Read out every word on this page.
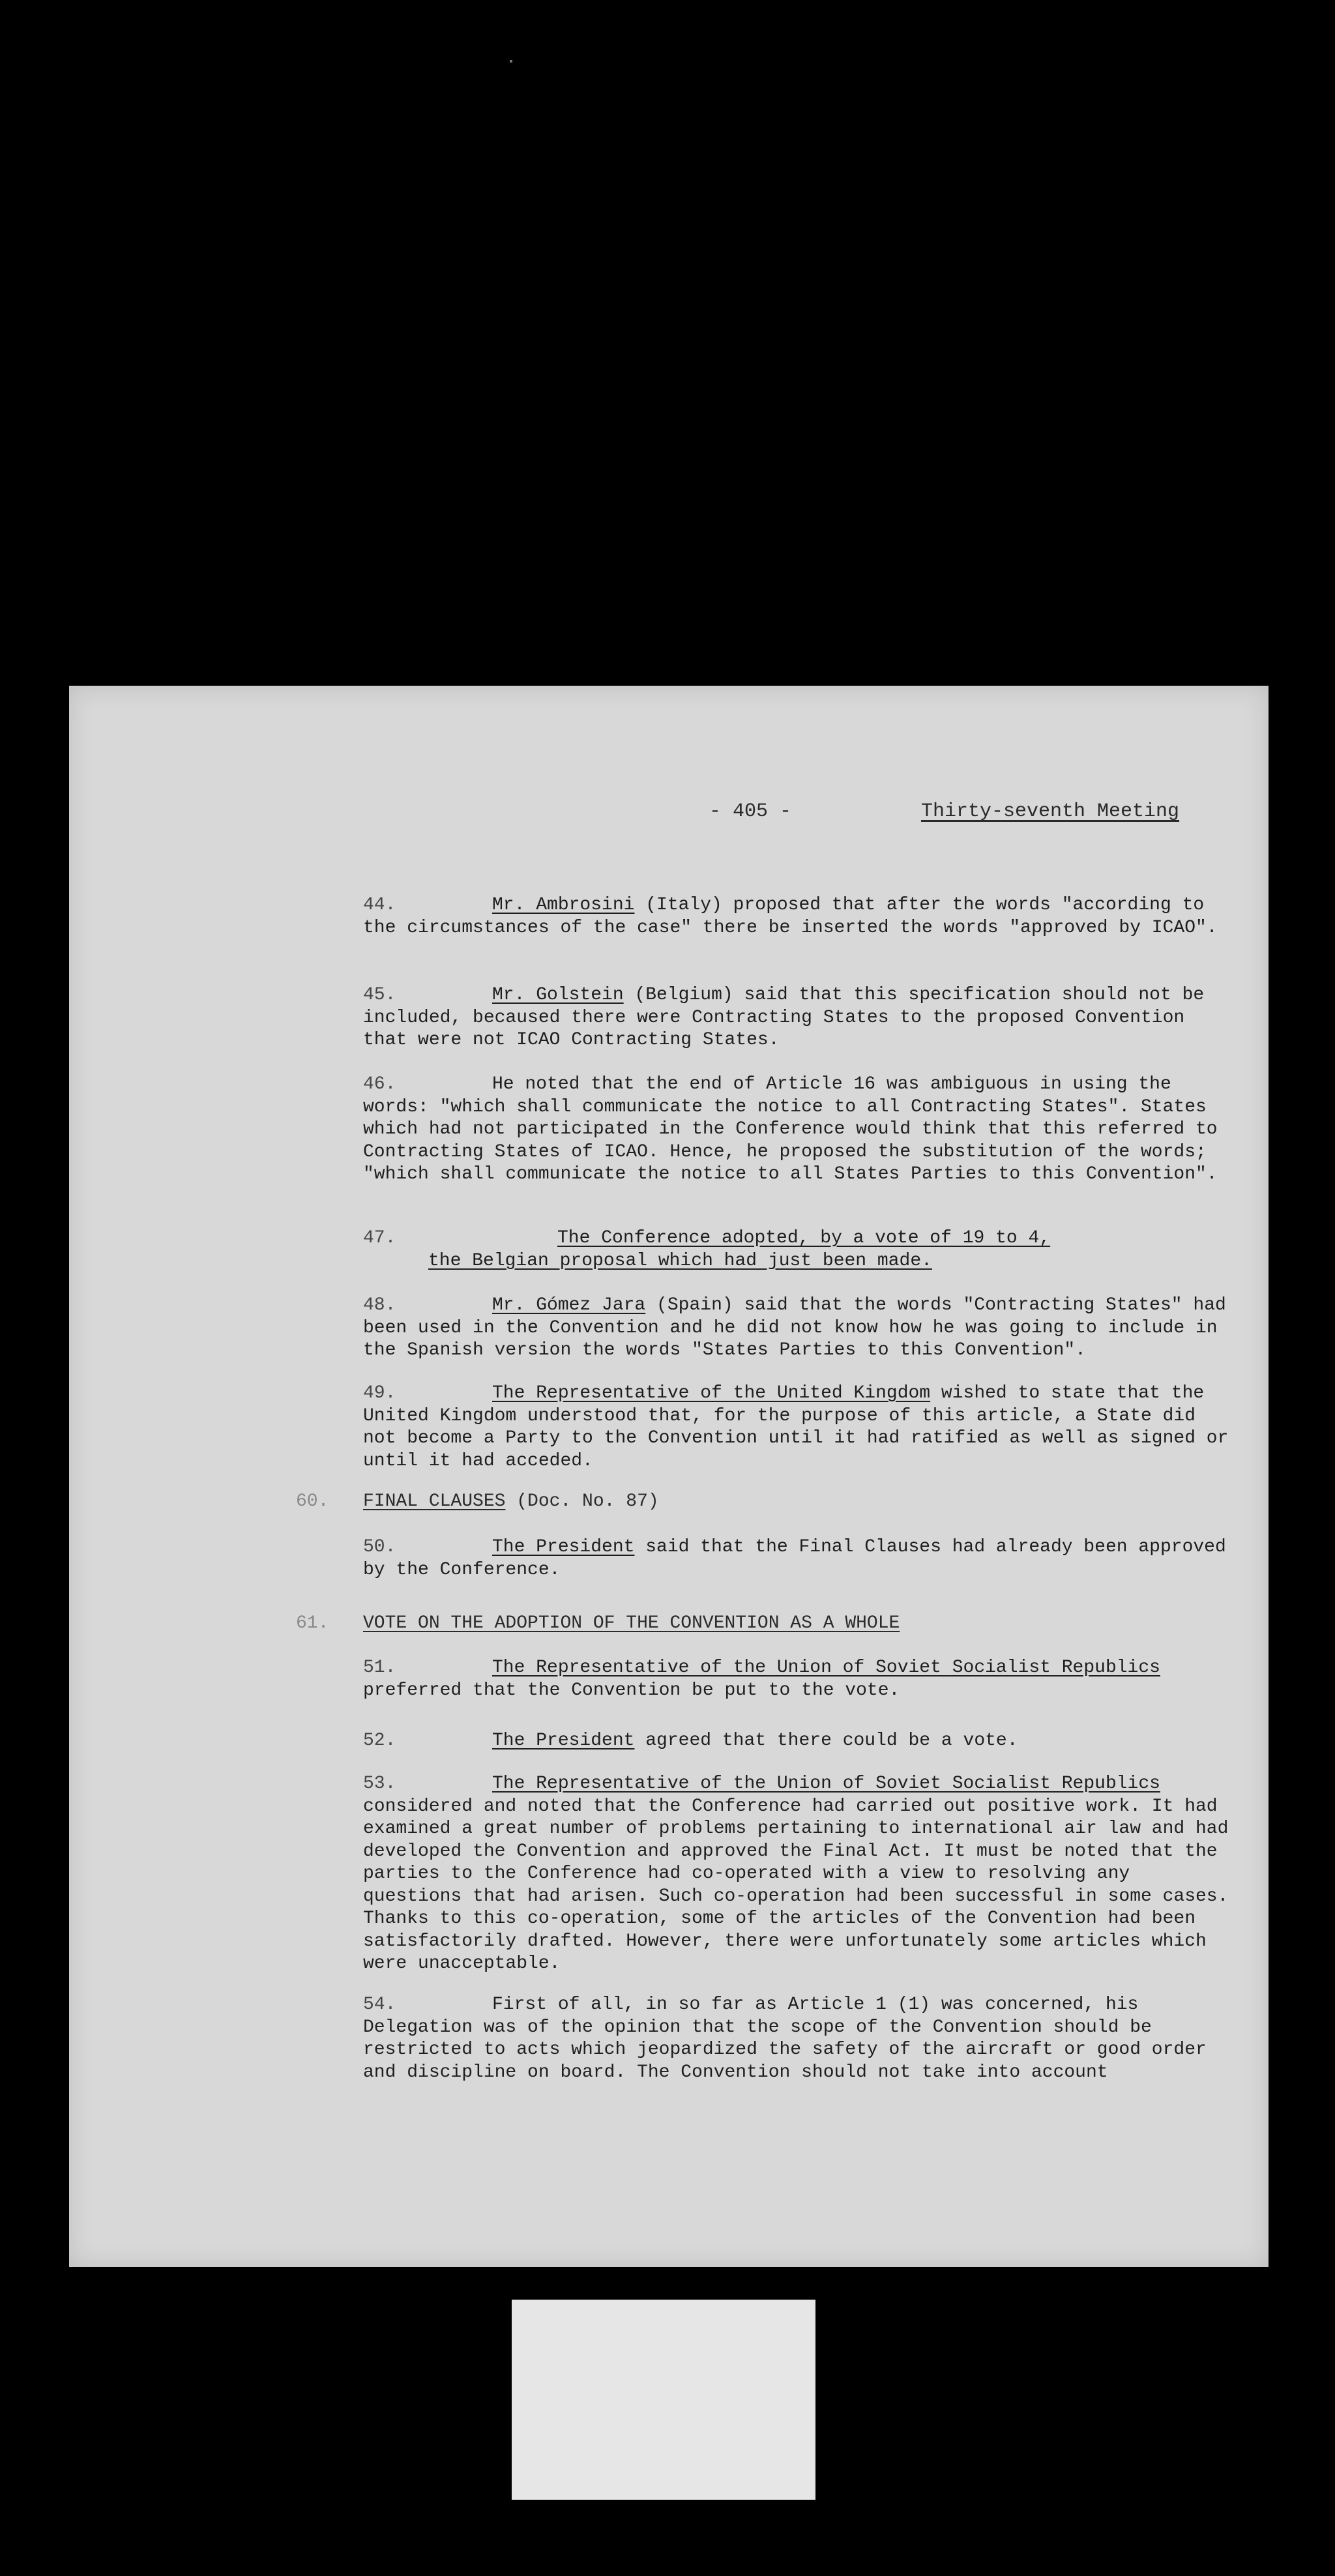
- 405 -	Thirty-seventh Meeting

44.	Mr. Ambrosini (Italy) proposed that after the words "according to the circumstances of the case" there be inserted the words "approved by ICAO".

45.	Mr. Golstein (Belgium) said that this specification should not be included, becaused there were Contracting States to the proposed Convention that were not ICAO Contracting States.

46.	He noted that the end of Article 16 was ambiguous in using the words: "which shall communicate the notice to all Contracting States". States which had not participated in the Conference would think that this referred to Contracting States of ICAO. Hence, he proposed the substitution of the words; "which shall communicate the notice to all States Parties to this Convention".

47.	The Conference adopted, by a vote of 19 to 4,
the Belgian proposal which had just been made.

48.	Mr. Gómez Jara (Spain) said that the words "Contracting States" had been used in the Convention and he did not know how he was going to include in the Spanish version the words "States Parties to this Convention".

49.	The Representative of the United Kingdom wished to state that the United Kingdom understood that, for the purpose of this article, a State did not become a Party to the Convention until it had ratified as well as signed or until it had acceded.

60. FINAL CLAUSES (Doc. No. 87)

50.	The President said that the Final Clauses had already been approved by the Conference.

61. VOTE ON THE ADOPTION OF THE CONVENTION AS A WHOLE

51.	The Representative of the Union of Soviet Socialist Republics preferred that the Convention be put to the vote.

52.	The President agreed that there could be a vote.

53.	The Representative of the Union of Soviet Socialist Republics considered and noted that the Conference had carried out positive work. It had examined a great number of problems pertaining to international air law and had developed the Convention and approved the Final Act. It must be noted that the parties to the Conference had co-operated with a view to resolving any questions that had arisen. Such co-operation had been successful in some cases. Thanks to this co-operation, some of the articles of the Convention had been satisfactorily drafted. However, there were unfortunately some articles which were unacceptable.

54.	First of all, in so far as Article 1 (1) was concerned, his Delegation was of the opinion that the scope of the Convention should be restricted to acts which jeopardized the safety of the aircraft or good order and discipline on board. The Convention should not take into account
